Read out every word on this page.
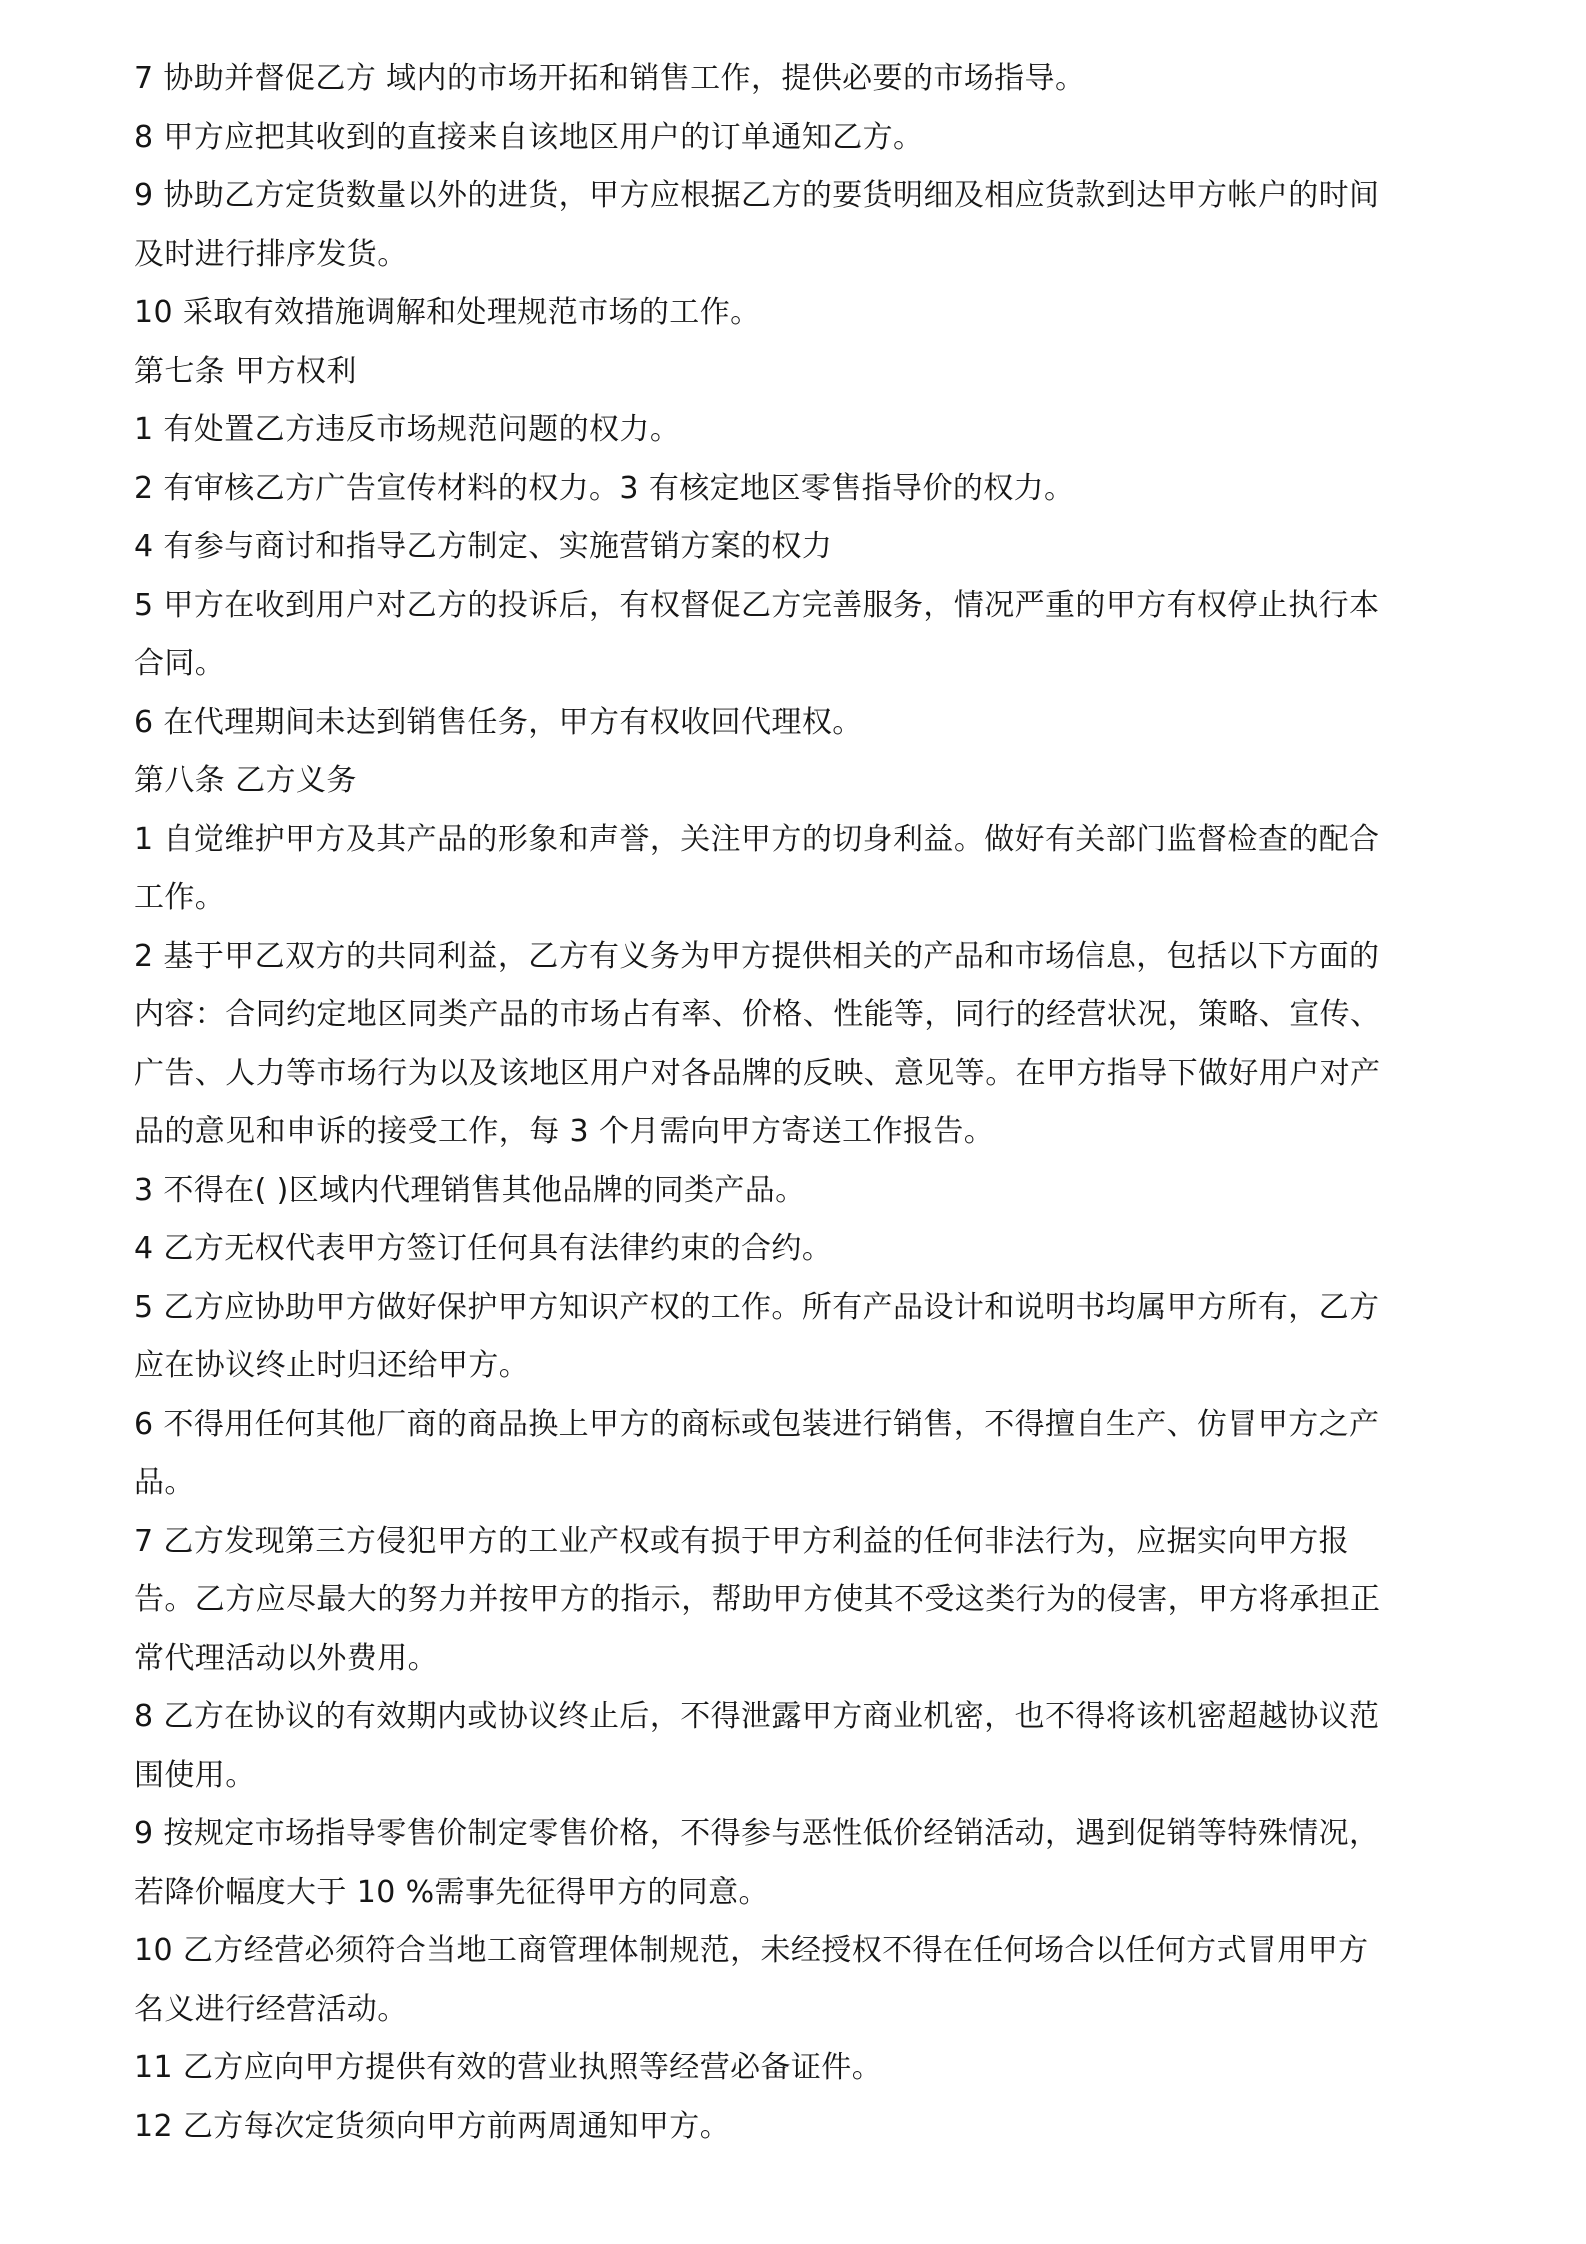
7 协助并督促乙方 域内的市场开拓和销售工作，提供必要的市场指导。
8 甲方应把其收到的直接来自该地区用户的订单通知乙方。
9 协助乙方定货数量以外的进货，甲方应根据乙方的要货明细及相应货款到达甲方帐户的时间
及时进行排序发货。
10 采取有效措施调解和处理规范市场的工作。
第七条 甲方权利
1 有处置乙方违反市场规范问题的权力。
2 有审核乙方广告宣传材料的权力。3 有核定地区零售指导价的权力。
4 有参与商讨和指导乙方制定、实施营销方案的权力
5 甲方在收到用户对乙方的投诉后，有权督促乙方完善服务，情况严重的甲方有权停止执行本
合同。
6 在代理期间未达到销售任务，甲方有权收回代理权。
第八条 乙方义务
1 自觉维护甲方及其产品的形象和声誉，关注甲方的切身利益。做好有关部门监督检查的配合
工作。
2 基于甲乙双方的共同利益，乙方有义务为甲方提供相关的产品和市场信息，包括以下方面的
内容：合同约定地区同类产品的市场占有率、价格、性能等，同行的经营状况，策略、宣传、
广告、人力等市场行为以及该地区用户对各品牌的反映、意见等。在甲方指导下做好用户对产
品的意见和申诉的接受工作，每 3 个月需向甲方寄送工作报告。
3 不得在( )区域内代理销售其他品牌的同类产品。
4 乙方无权代表甲方签订任何具有法律约束的合约。
5 乙方应协助甲方做好保护甲方知识产权的工作。所有产品设计和说明书均属甲方所有，乙方
应在协议终止时归还给甲方。
6 不得用任何其他厂商的商品换上甲方的商标或包装进行销售，不得擅自生产、仿冒甲方之产
品。
7 乙方发现第三方侵犯甲方的工业产权或有损于甲方利益的任何非法行为，应据实向甲方报
告。乙方应尽最大的努力并按甲方的指示，帮助甲方使其不受这类行为的侵害，甲方将承担正
常代理活动以外费用。
8 乙方在协议的有效期内或协议终止后，不得泄露甲方商业机密，也不得将该机密超越协议范
围使用。
9 按规定市场指导零售价制定零售价格，不得参与恶性低价经销活动，遇到促销等特殊情况，
若降价幅度大于 10 %需事先征得甲方的同意。
10 乙方经营必须符合当地工商管理体制规范，未经授权不得在任何场合以任何方式冒用甲方
名义进行经营活动。
11 乙方应向甲方提供有效的营业执照等经营必备证件。
12 乙方每次定货须向甲方前两周通知甲方。
